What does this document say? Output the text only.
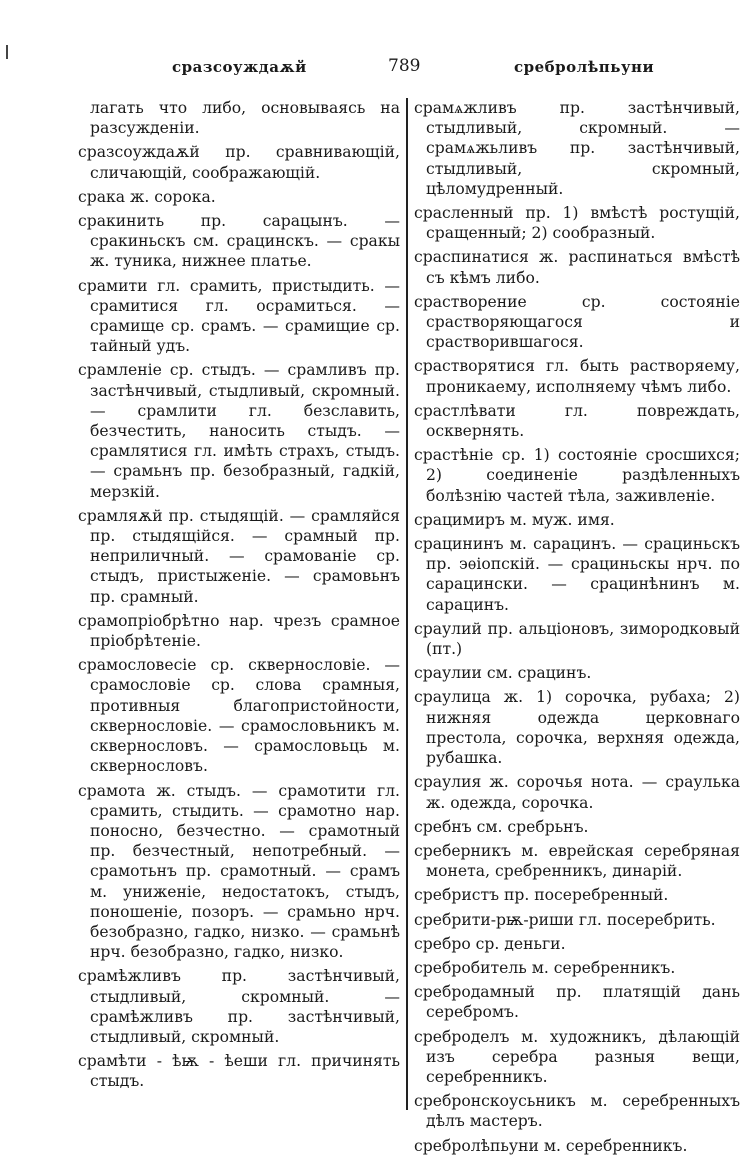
сразсоуждаѫй	789	сребролѣпьуни

лагать что либо, основываясь на разсужденіи.

сразсоуждаѫй пр. сравнивающій, сличающій, соображающій.

срака ж. сорока.

сракинить пр. сарацынъ. — сракиньскъ см. срацинскъ. — сракы ж. туника, нижнее платье.

срамити гл. срамить, пристыдить. — срамитися гл. осрамиться. — срамище ср. срамъ. — срамищие ср. тайный удъ.

срамленіе ср. стыдъ. — срамливъ пр. застѣнчивый, стыдливый, скромный. — срамлити гл. безславить, безчестить, наносить стыдъ. — срамлятися гл. имѣть страхъ, стыдъ. — срамьнъ пр. безобразный, гадкій, мерзкій.

срамляѫй пр. стыдящій. — срамляйся пр. стыдящійся. — срамный пр. неприличный. — срамованіе ср. стыдъ, пристыженіе. — срамовьнъ пр. срамный.

срамопріобрѣтно нар. чрезъ срамное пріобрѣтеніе.

срамословесіе ср. сквернословіе. — срамословіе ср. слова срамныя, противныя благопристойности, сквернословіе. — срамословьникъ м. сквернословъ. — срамословьць м. сквернословъ.

срамота ж. стыдъ. — срамотити гл. срамить, стыдить. — срамотно нар. поносно, безчестно. — срамотный пр. безчестный, непотребный. — срамотьнъ пр. срамотный. — срамъ м. униженіе, недостатокъ, стыдъ, поношеніе, позоръ. — срамьно нрч. безобразно, гадко, низко. — срамьнѣ нрч. безобразно, гадко, низко.

срамѣжливъ пр. застѣнчивый, стыдливый, скромный. — срамѣжливъ пр. застѣнчивый, стыдливый, скромный.

срамѣти - ѣѭ - ѣеши гл. причинять стыдъ.

срамѧжливъ пр. застѣнчивый, стыдливый, скромный. — срамѧжьливъ пр. застѣнчивый, стыдливый, скромный, цѣломудренный.

срасленный пр. 1) вмѣстѣ ростущій, сращенный; 2) сообразный.

сраспинатися ж. распинаться вмѣстѣ съ кѣмъ либо.

срастворение ср. состояніе срастворяющагося и срастворившагося.

срастворятися гл. быть растворяему, проникаему, исполняему чѣмъ либо.

срастлѣвати гл. повреждать, осквернять.

срастѣніе ср. 1) состояніе сросшихся; 2) соединеніе раздѣленныхъ болѣзнію частей тѣла, заживленіе.

срацимиръ м. муж. имя.

срацининъ м. сарацинъ. — срациньскъ пр. эѳіопскій. — срациньскы нрч. по сарацински. — срацинѣнинъ м. сарацинъ.

сраулий пр. альціоновъ, зимородковый (пт.)

сраулии см. срацинъ.

сраулица ж. 1) сорочка, рубаха; 2) нижняя одежда церковнаго престола, сорочка, верхняя одежда, рубашка.

сраулия ж. сорочья нота. — сраулька ж. одежда, сорочка.

сребнъ см. сребрьнъ.

среберникъ м. еврейская серебряная монета, сребренникъ, динарій.

сребристъ пр. посеребренный.

сребрити-рѭ-риши гл. посеребрить.

сребро ср. деньги.

сребробитель м. серебренникъ.

сребродамный пр. платящій дань серебромъ.

среброделъ м. художникъ, дѣлающій изъ серебра разныя вещи, серебренникъ.

сребронскоусьникъ м. серебренныхъ дѣлъ мастеръ.

сребролѣпьуни м. серебренникъ.
